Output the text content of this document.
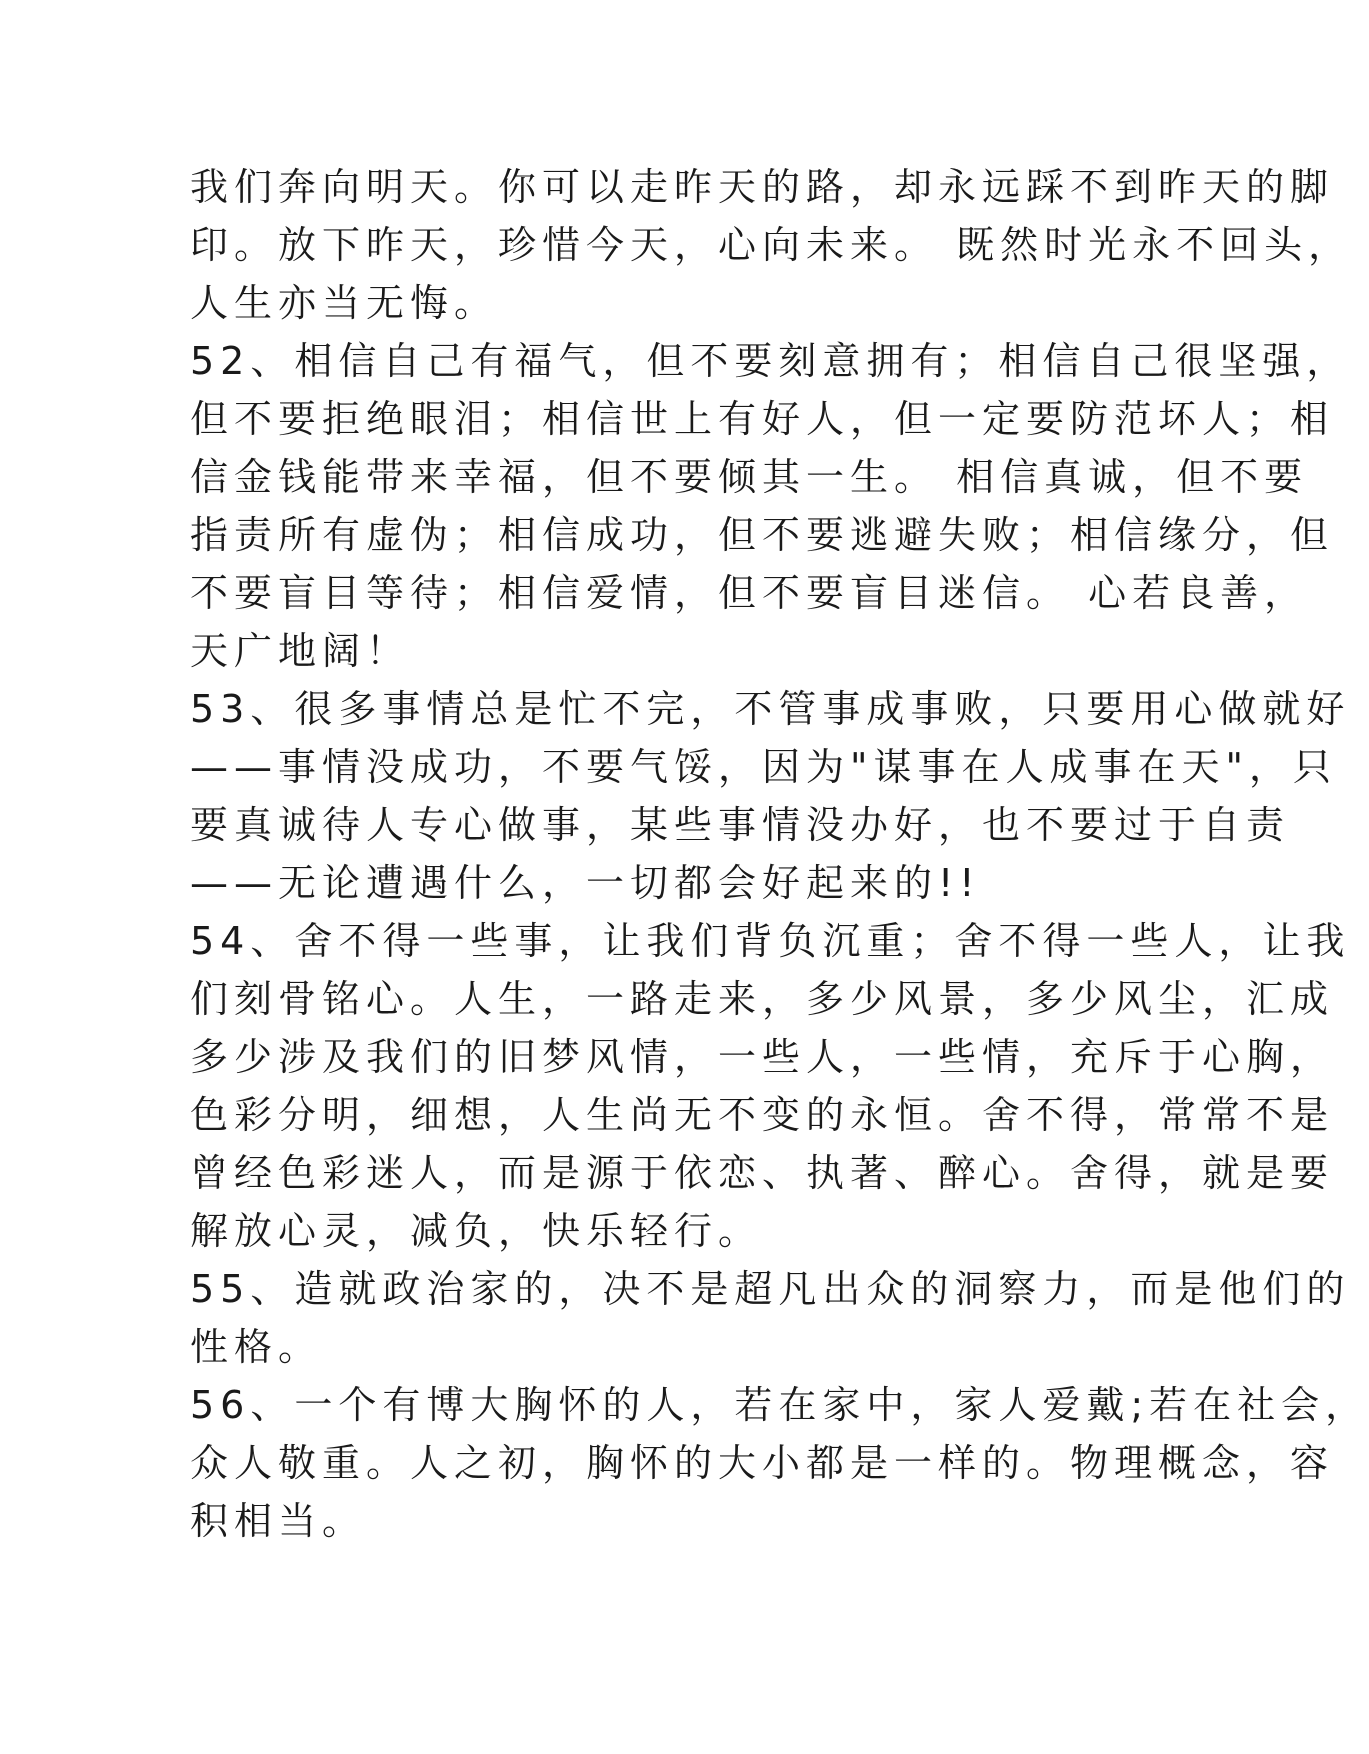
我们奔向明天。你可以走昨天的路，却永远踩不到昨天的脚
印。放下昨天，珍惜今天，心向未来。 既然时光永不回头，
人生亦当无悔。
52、相信自己有福气，但不要刻意拥有；相信自己很坚强，
但不要拒绝眼泪；相信世上有好人，但一定要防范坏人；相
信金钱能带来幸福，但不要倾其一生。 相信真诚，但不要
指责所有虚伪；相信成功，但不要逃避失败；相信缘分，但
不要盲目等待；相信爱情，但不要盲目迷信。 心若良善，
天广地阔！
53、很多事情总是忙不完，不管事成事败，只要用心做就好
——事情没成功，不要气馁，因为"谋事在人成事在天"，只
要真诚待人专心做事，某些事情没办好，也不要过于自责
——无论遭遇什么，一切都会好起来的!!
54、舍不得一些事，让我们背负沉重；舍不得一些人，让我
们刻骨铭心。人生，一路走来，多少风景，多少风尘，汇成
多少涉及我们的旧梦风情，一些人，一些情，充斥于心胸，
色彩分明，细想，人生尚无不变的永恒。舍不得，常常不是
曾经色彩迷人，而是源于依恋、执著、醉心。舍得，就是要
解放心灵，减负，快乐轻行。
55、造就政治家的，决不是超凡出众的洞察力，而是他们的
性格。
56、一个有博大胸怀的人，若在家中，家人爱戴;若在社会，
众人敬重。人之初，胸怀的大小都是一样的。物理概念，容
积相当。
